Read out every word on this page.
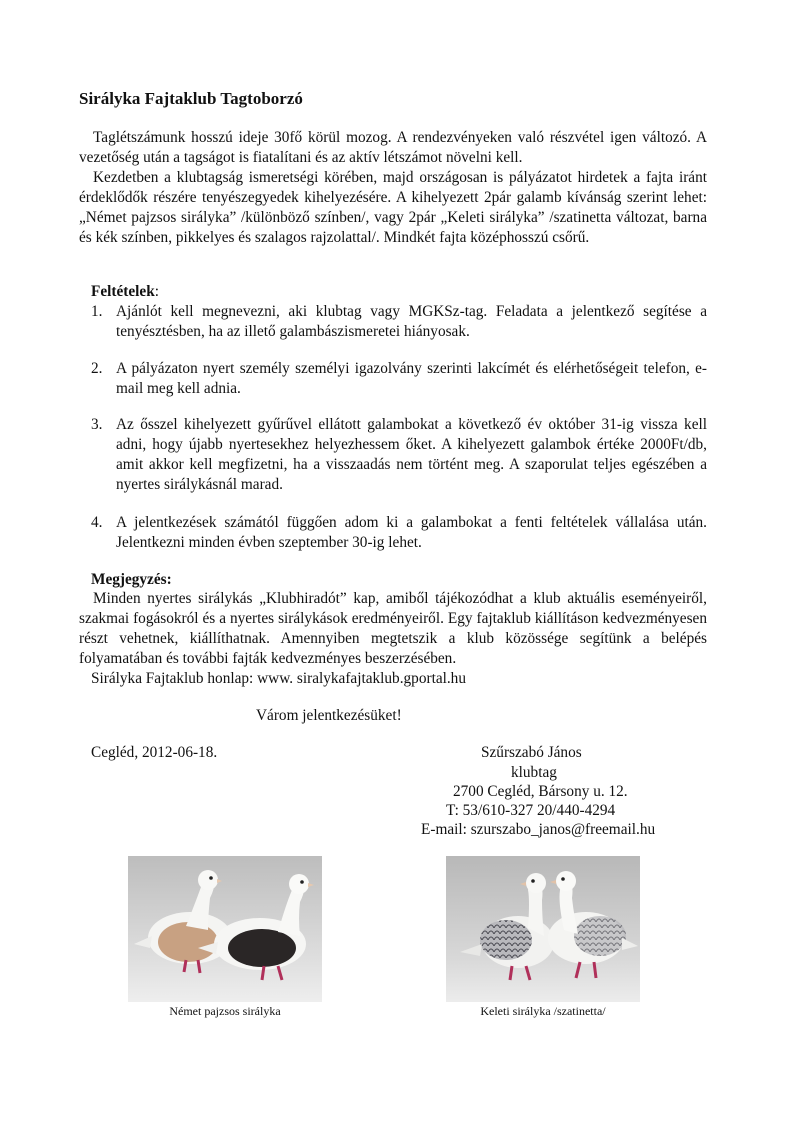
Sirályka Fajtaklub Tagtoborzó

Taglétszámunk hosszú ideje 30fő körül mozog. A rendezvényeken való részvétel igen változó. A vezetőség után a tagságot is fiatalítani és az aktív létszámot növelni kell.

Kezdetben a klubtagság ismeretségi körében, majd országosan is pályázatot hirdetek a fajta iránt érdeklődők részére tenyészegyedek kihelyezésére. A kihelyezett 2pár galamb kívánság szerint lehet: „Német pajzsos sirályka” /különböző színben/, vagy 2pár „Keleti sirályka” /szatinetta változat, barna és kék színben, pikkelyes és szalagos rajzolattal/. Mindkét fajta középhosszú csőrű.

Feltételek:
1. Ajánlót kell megnevezni, aki klubtag vagy MGKSz-tag. Feladata a jelentkező segítése a tenyésztésben, ha az illető galambászismeretei hiányosak.
2. A pályázaton nyert személy személyi igazolvány szerinti lakcímét és elérhetőségeit telefon, e-mail meg kell adnia.
3. Az ősszel kihelyezett gyűrűvel ellátott galambokat a következő év október 31-ig vissza kell adni, hogy újabb nyertesekhez helyezhessem őket. A kihelyezett galambok értéke 2000Ft/db, amit akkor kell megfizetni, ha a visszaadás nem történt meg. A szaporulat teljes egészében a nyertes sirálykásnál marad.
4. A jelentkezések számától függően adom ki a galambokat a fenti feltételek vállalása után. Jelentkezni minden évben szeptember 30-ig lehet.
Megjegyzés:

Minden nyertes sirálykás „Klubhiradót” kap, amiből tájékozódhat a klub aktuális eseményeiről, szakmai fogásokról és a nyertes sirálykások eredményeiről. Egy fajtaklub kiállításon kedvezményesen részt vehetnek, kiállíthatnak. Amennyiben megtetszik a klub közössége segítünk a belépés folyamatában és további fajták kedvezményes beszerzésében.

Sirályka Fajtaklub honlap: www. siralykafajtaklub.gportal.hu
Várom jelentkezésüket!
Cegléd, 2012-06-18.	Szűrszabó János
klubtag
2700 Cegléd, Bársony u. 12.
T: 53/610-327 20/440-4294
E-mail: szurszabo_janos@freemail.hu
Német pajzsos sirályka	Keleti sirályka /szatinetta/
